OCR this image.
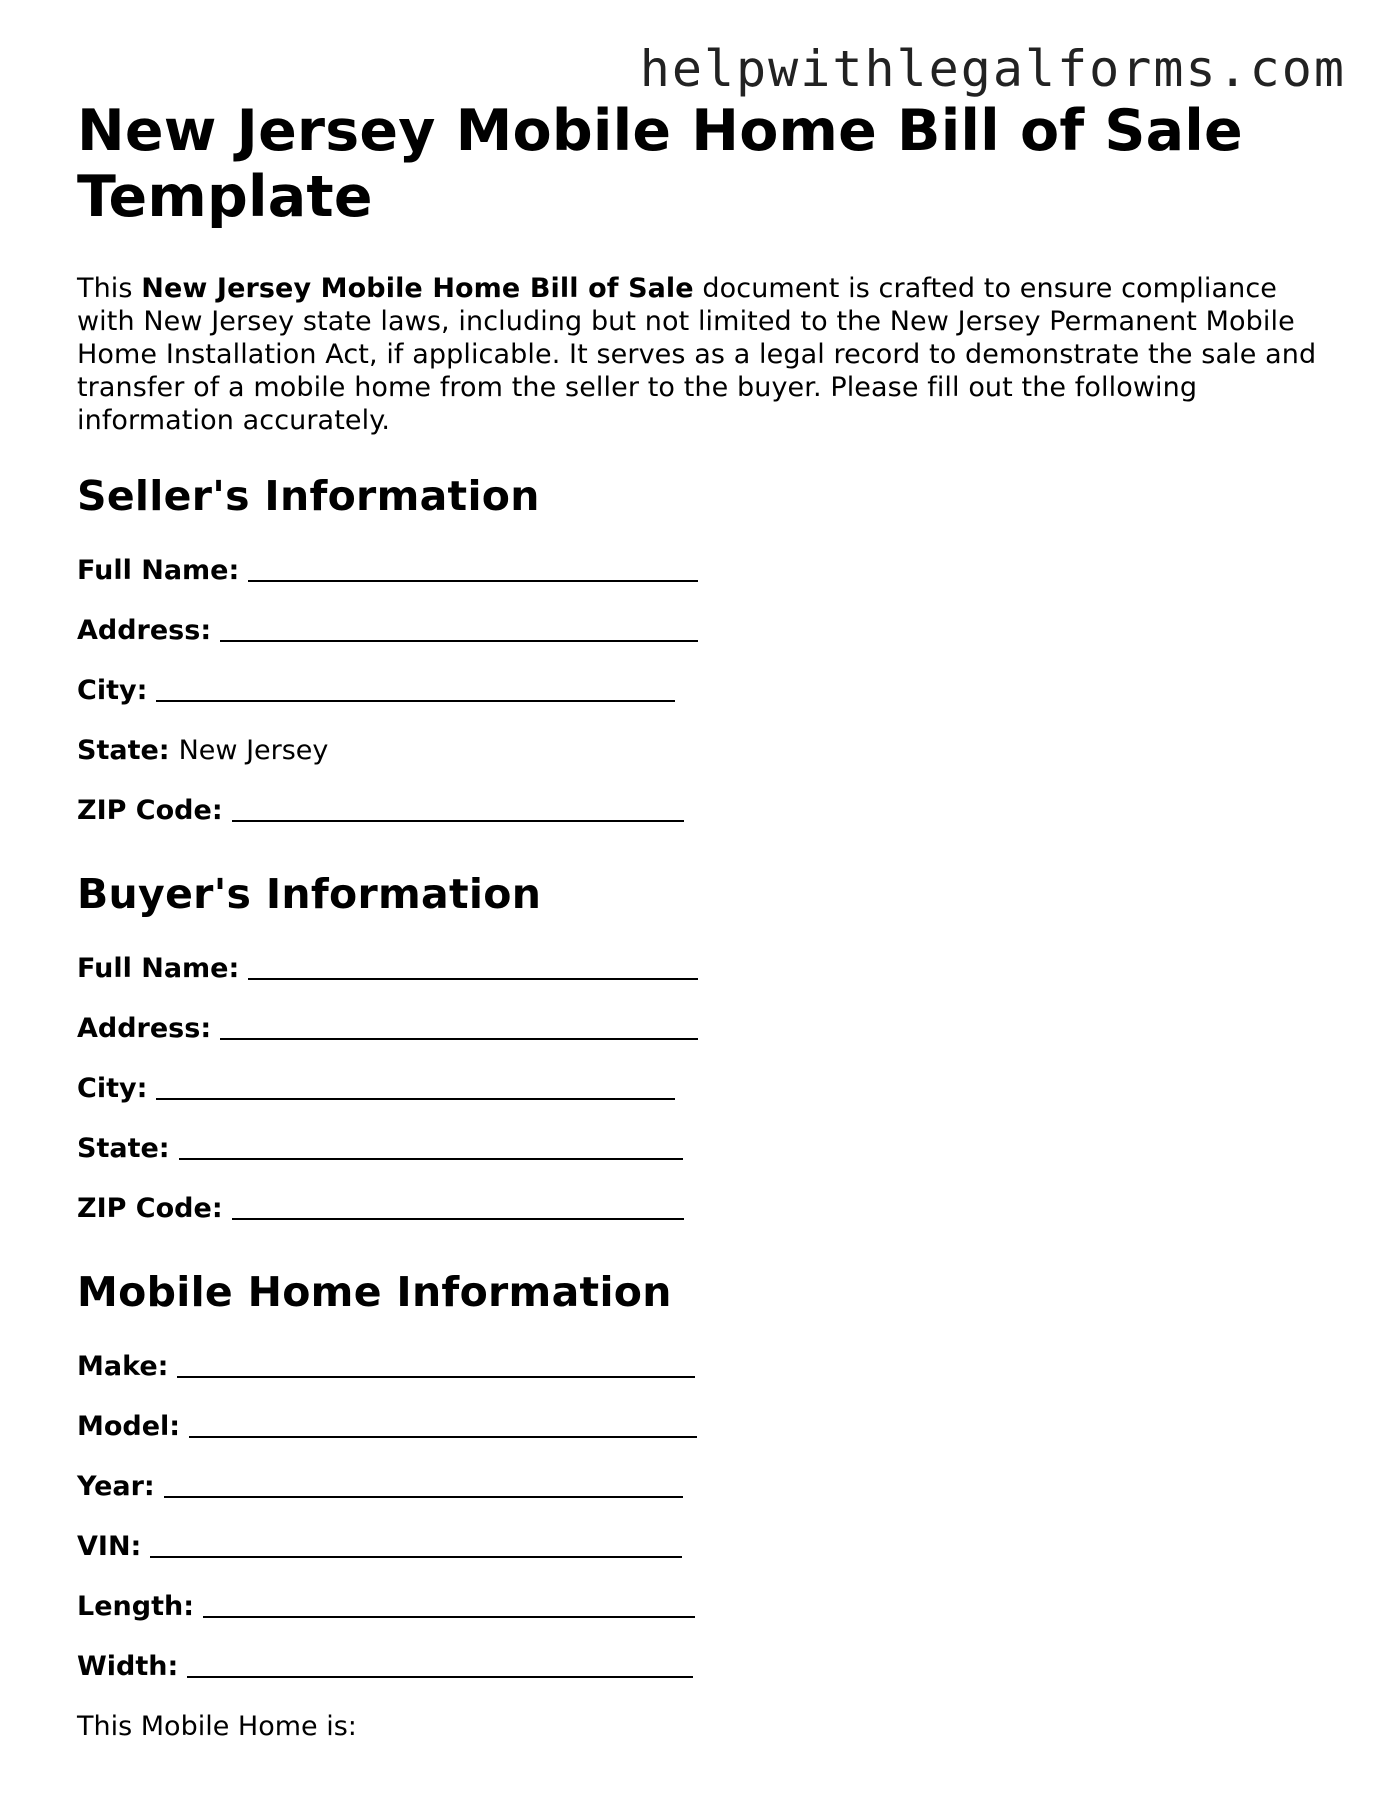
helpwithlegalforms.com
New Jersey Mobile Home Bill of Sale Template

This New Jersey Mobile Home Bill of Sale document is crafted to ensure compliance with New Jersey state laws, including but not limited to the New Jersey Permanent Mobile Home Installation Act, if applicable. It serves as a legal record to demonstrate the sale and transfer of a mobile home from the seller to the buyer. Please fill out the following information accurately.

Seller's Information
Full Name:
Address:
City:
State: New Jersey
ZIP Code:
Buyer's Information
Full Name:
Address:
City:
State:
ZIP Code:
Mobile Home Information
Make:
Model:
Year:
VIN:
Length:
Width:

This Mobile Home is:
